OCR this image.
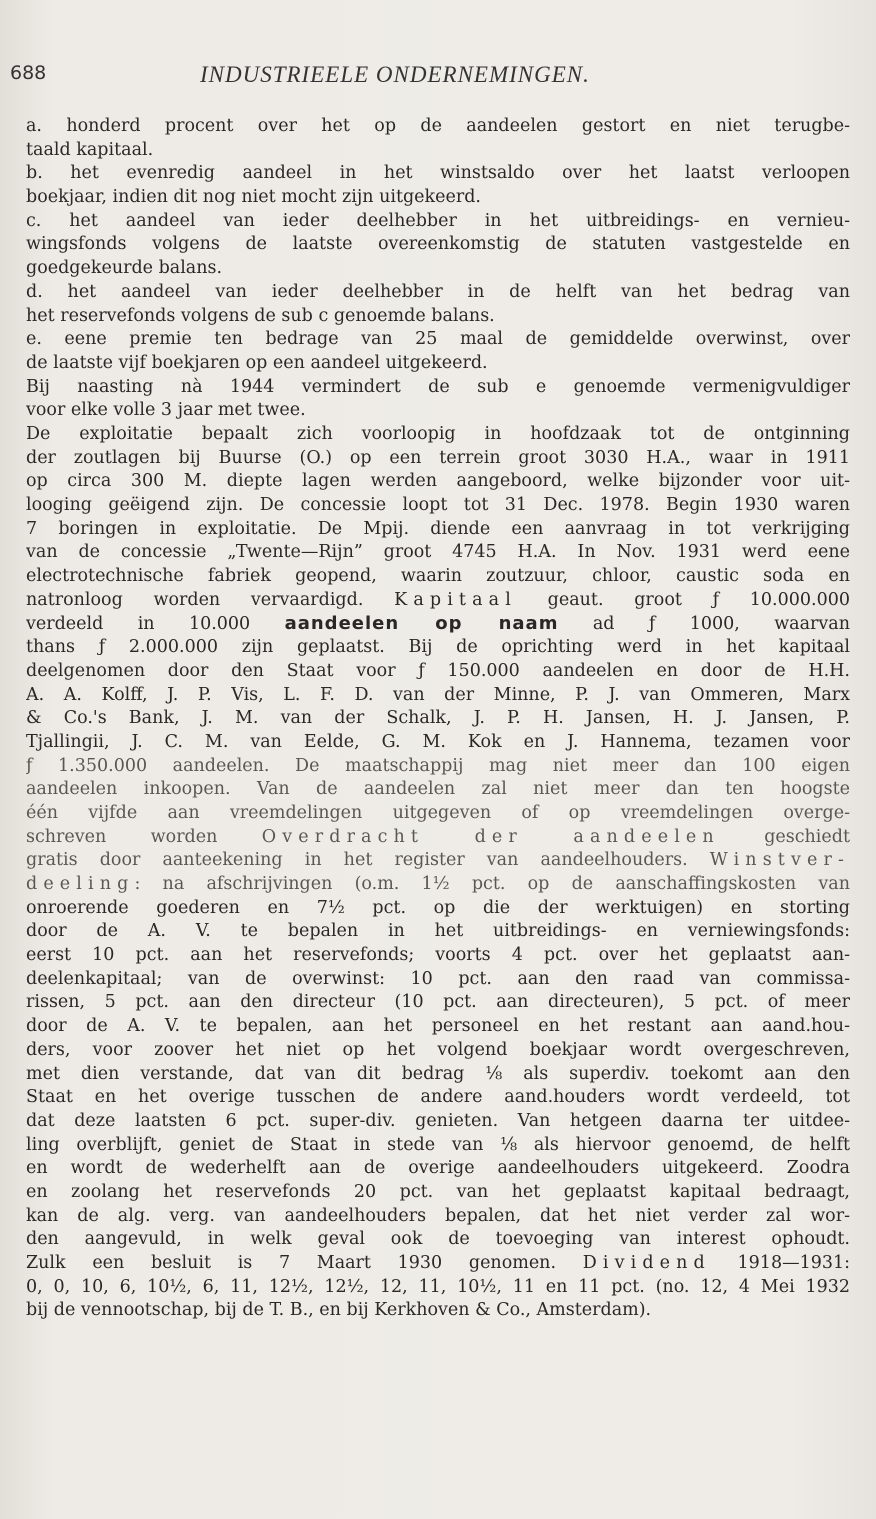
688	INDUSTRIEELE ONDERNEMINGEN.
a. honderd procent over het op de aandeelen gestort en niet terugbe-
taald kapitaal.
b. het evenredig aandeel in het winstsaldo over het laatst verloopen
boekjaar, indien dit nog niet mocht zijn uitgekeerd.
c. het aandeel van ieder deelhebber in het uitbreidings- en vernieu-
wingsfonds volgens de laatste overeenkomstig de statuten vastgestelde en
goedgekeurde balans.
d. het aandeel van ieder deelhebber in de helft van het bedrag van
het reservefonds volgens de sub c genoemde balans.
e. eene premie ten bedrage van 25 maal de gemiddelde overwinst, over
de laatste vijf boekjaren op een aandeel uitgekeerd.
Bij naasting nà 1944 vermindert de sub e genoemde vermenigvuldiger
voor elke volle 3 jaar met twee.
De exploitatie bepaalt zich voorloopig in hoofdzaak tot de ontginning
der zoutlagen bij Buurse (O.) op een terrein groot 3030 H.A., waar in 1911
op circa 300 M. diepte lagen werden aangeboord, welke bijzonder voor uit-
looging geëigend zijn. De concessie loopt tot 31 Dec. 1978. Begin 1930 waren
7 boringen in exploitatie. De Mpij. diende een aanvraag in tot verkrijging
van de concessie „Twente—Rijn” groot 4745 H.A. In Nov. 1931 werd eene
electrotechnische fabriek geopend, waarin zoutzuur, chloor, caustic soda en
natronloog worden vervaardigd. Kapitaal geaut. groot ƒ 10.000.000
verdeeld in 10.000 aandeelen op naam ad ƒ 1000, waarvan
thans ƒ 2.000.000 zijn geplaatst. Bij de oprichting werd in het kapitaal
deelgenomen door den Staat voor ƒ 150.000 aandeelen en door de H.H.
A. A. Kolff, J. P. Vis, L. F. D. van der Minne, P. J. van Ommeren, Marx
& Co.'s Bank, J. M. van der Schalk, J. P. H. Jansen, H. J. Jansen, P.
Tjallingii, J. C. M. van Eelde, G. M. Kok en J. Hannema, tezamen voor
ƒ 1.350.000 aandeelen. De maatschappij mag niet meer dan 100 eigen
aandeelen inkoopen. Van de aandeelen zal niet meer dan ten hoogste
één vijfde aan vreemdelingen uitgegeven of op vreemdelingen overge-
schreven worden Overdracht der aandeelen geschiedt
gratis door aanteekening in het register van aandeelhouders. Winstver-
deeling: na afschrijvingen (o.m. 1½ pct. op de aanschaffingskosten van
onroerende goederen en 7½ pct. op die der werktuigen) en storting
door de A. V. te bepalen in het uitbreidings- en verniewingsfonds:
eerst 10 pct. aan het reservefonds; voorts 4 pct. over het geplaatst aan-
deelenkapitaal; van de overwinst: 10 pct. aan den raad van commissa-
rissen, 5 pct. aan den directeur (10 pct. aan directeuren), 5 pct. of meer
door de A. V. te bepalen, aan het personeel en het restant aan aand.hou-
ders, voor zoover het niet op het volgend boekjaar wordt overgeschreven,
met dien verstande, dat van dit bedrag ⅛ als superdiv. toekomt aan den
Staat en het overige tusschen de andere aand.houders wordt verdeeld, tot
dat deze laatsten 6 pct. super-div. genieten. Van hetgeen daarna ter uitdee-
ling overblijft, geniet de Staat in stede van ⅛ als hiervoor genoemd, de helft
en wordt de wederhelft aan de overige aandeelhouders uitgekeerd. Zoodra
en zoolang het reservefonds 20 pct. van het geplaatst kapitaal bedraagt,
kan de alg. verg. van aandeelhouders bepalen, dat het niet verder zal wor-
den aangevuld, in welk geval ook de toevoeging van interest ophoudt.
Zulk een besluit is 7 Maart 1930 genomen. Dividend 1918—1931:
0, 0, 10, 6, 10½, 6, 11, 12½, 12½, 12, 11, 10½, 11 en 11 pct. (no. 12, 4 Mei 1932
bij de vennootschap, bij de T. B., en bij Kerkhoven & Co., Amsterdam).
